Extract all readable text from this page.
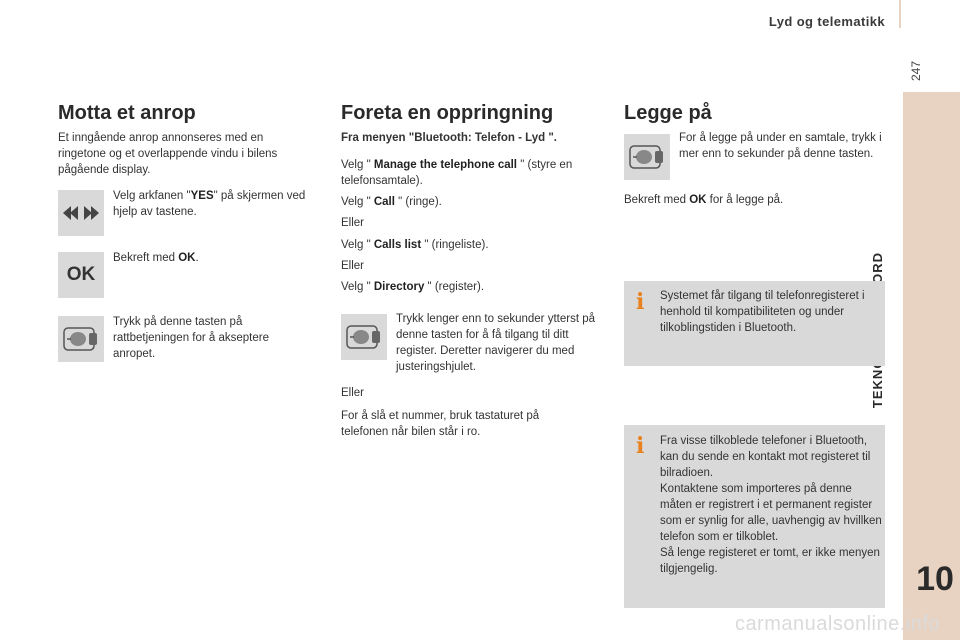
Lyd og telematikk
247
10
Motta et anrop
Et inngående anrop annonseres med en ringetone og et overlappende vindu i bilens pågående display.
Velg arkfanen "YES" på skjermen ved hjelp av tastene.
OK
Bekreft med OK.
Trykk på denne tasten på rattbetjeningen for å akseptere anropet.
Foreta en oppringning
Fra menyen "Bluetooth: Telefon - Lyd ".
Velg " Manage the telephone call " (styre en telefonsamtale).
Velg " Call " (ringe).
Eller
Velg " Calls list " (ringeliste).
Eller
Velg " Directory " (register).
Trykk lenger enn to sekunder ytterst på denne tasten for å få tilgang til ditt register. Deretter navigerer du med justeringshjulet.
Eller
For å slå et nummer, bruk tastaturet på telefonen når bilen står i ro.
Legge på
For å legge på under en samtale, trykk i mer enn to sekunder på denne tasten.
Bekreft med OK for å legge på.
i Systemet får tilgang til telefonregisteret i henhold til kompatibiliteten og under tilkoblingstiden i Bluetooth.
i Fra visse tilkoblede telefoner i Bluetooth, kan du sende en kontakt mot registeret til bilradioen.
Kontaktene som importeres på denne måten er registrert i et permanent register som er synlig for alle, uavhengig av hvillken telefon som er tilkoblet.
Så lenge registeret er tomt, er ikke menyen tilgjengelig.
carmanualsonline.info
